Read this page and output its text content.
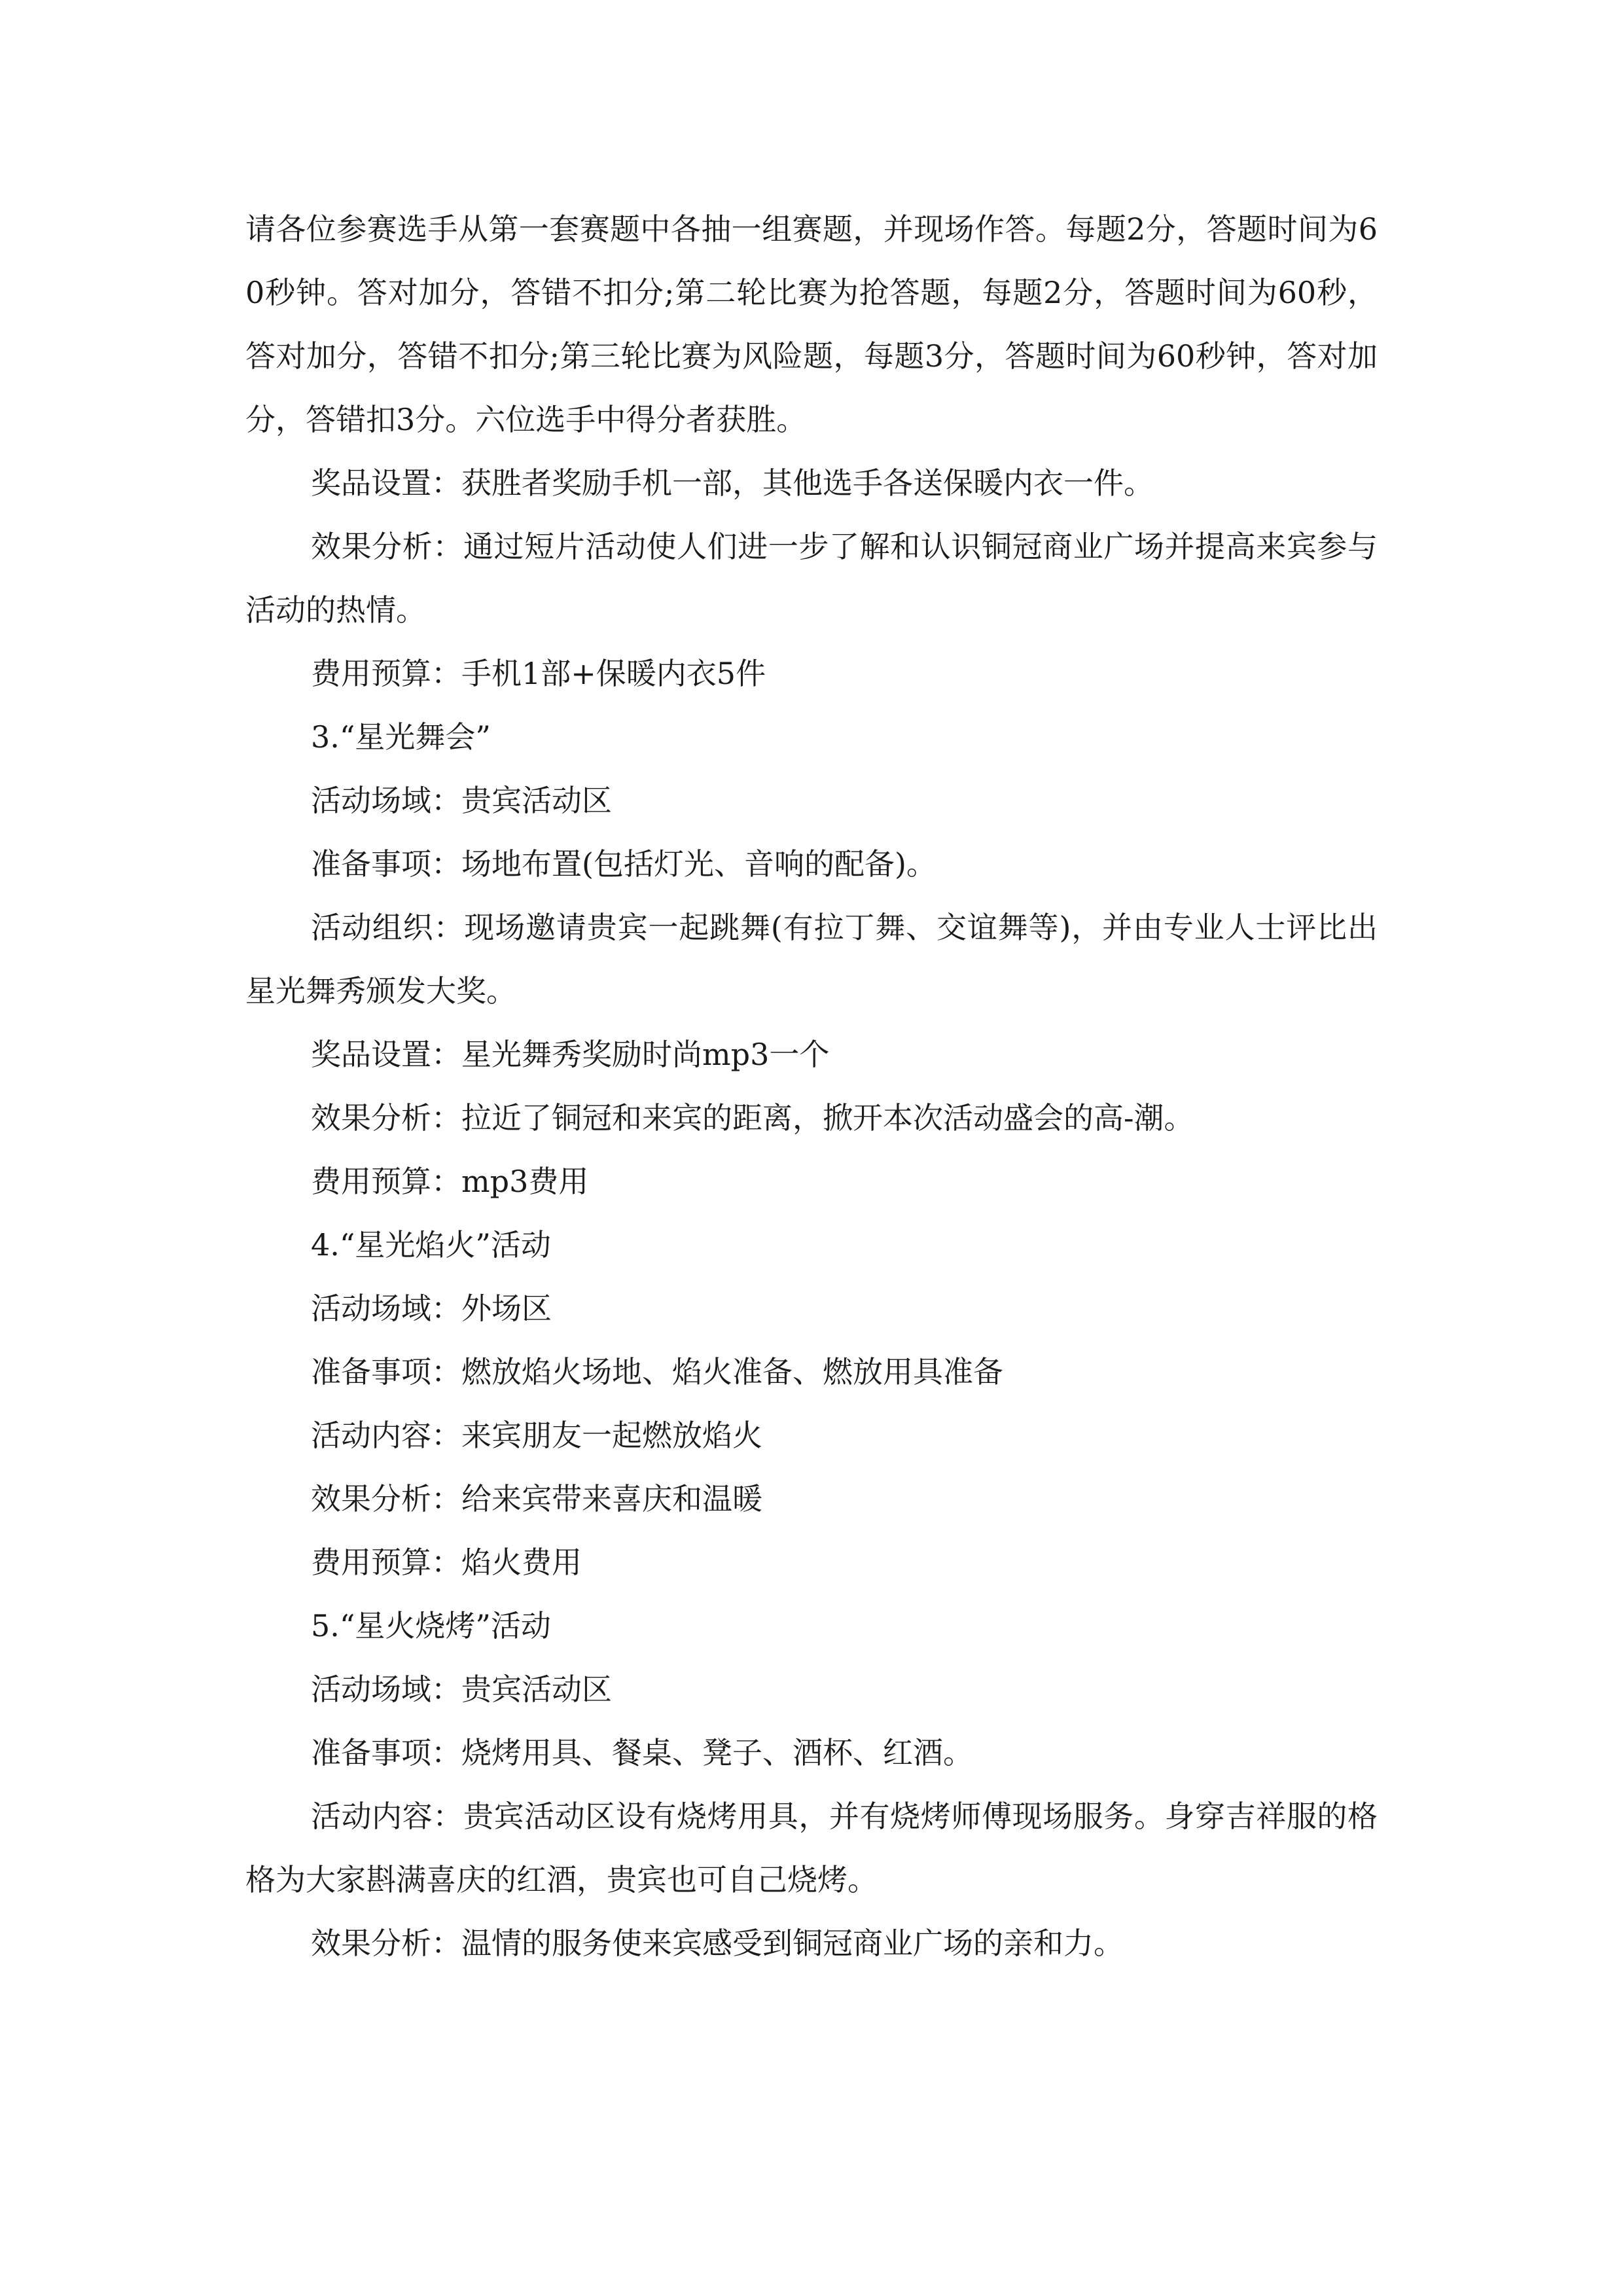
请各位参赛选手从第一套赛题中各抽一组赛题，并现场作答。每题2分，答题时间为60秒钟。答对加分，答错不扣分;第二轮比赛为抢答题，每题2分，答题时间为60秒，答对加分，答错不扣分;第三轮比赛为风险题，每题3分，答题时间为60秒钟，答对加分，答错扣3分。六位选手中得分者获胜。

奖品设置：获胜者奖励手机一部，其他选手各送保暖内衣一件。

效果分析：通过短片活动使人们进一步了解和认识铜冠商业广场并提高来宾参与活动的热情。

费用预算：手机1部+保暖内衣5件

3.“星光舞会”

活动场域：贵宾活动区

准备事项：场地布置(包括灯光、音响的配备)。

活动组织：现场邀请贵宾一起跳舞(有拉丁舞、交谊舞等)，并由专业人士评比出星光舞秀颁发大奖。

奖品设置：星光舞秀奖励时尚mp3一个

效果分析：拉近了铜冠和来宾的距离，掀开本次活动盛会的高-潮。

费用预算：mp3费用

4.“星光焰火”活动

活动场域：外场区

准备事项：燃放焰火场地、焰火准备、燃放用具准备

活动内容：来宾朋友一起燃放焰火

效果分析：给来宾带来喜庆和温暖

费用预算：焰火费用

5.“星火烧烤”活动

活动场域：贵宾活动区

准备事项：烧烤用具、餐桌、凳子、酒杯、红酒。

活动内容：贵宾活动区设有烧烤用具，并有烧烤师傅现场服务。身穿吉祥服的格格为大家斟满喜庆的红酒，贵宾也可自己烧烤。

效果分析：温情的服务使来宾感受到铜冠商业广场的亲和力。
